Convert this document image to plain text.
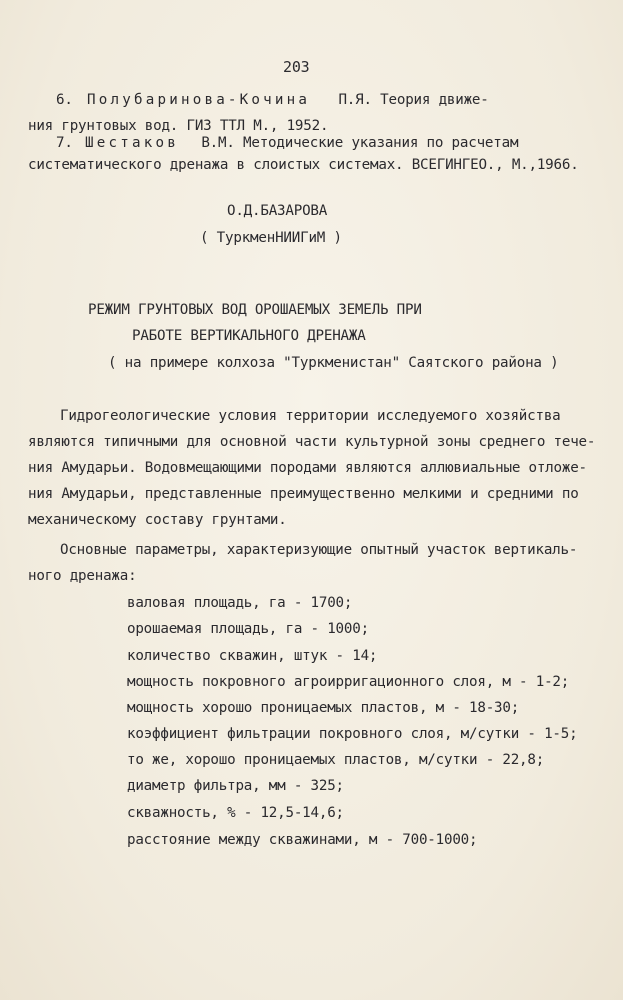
203
6. Полубаринова-Кочина П.Я. Теория движе-
ния грунтовых вод. ГИЗ ТТЛ М., 1952.
7. Шестаков В.М. Методические указания по расчетам
систематического дренажа в слоистых системах. ВСЕГИНГЕО., М.,1966.
О.Д.БАЗАРОВА
( ТуркменНИИГиМ )
РЕЖИМ ГРУНТОВЫХ ВОД ОРОШАЕМЫХ ЗЕМЕЛЬ ПРИ
РАБОТЕ ВЕРТИКАЛЬНОГО ДРЕНАЖА
( на примере колхоза "Туркменистан" Саятского района )
Гидрогеологические условия территории исследуемого хозяйства
являются типичными для основной части культурной зоны среднего тече-
ния Амударьи. Водовмещающими породами являются аллювиальные отложе-
ния Амударьи, представленные преимущественно мелкими и средними по
механическому составу грунтами.
Основные параметры, характеризующие опытный участок вертикаль-
ного дренажа:
валовая площадь, га - 1700;
орошаемая площадь, га - 1000;
количество скважин, штук - 14;
мощность покровного агроирригационного слоя, м - 1-2;
мощность хорошо проницаемых пластов, м - 18-30;
коэффициент фильтрации покровного слоя, м/сутки - 1-5;
то же, хорошо проницаемых пластов, м/сутки - 22,8;
диаметр фильтра, мм - 325;
скважность, % - 12,5-14,6;
расстояние между скважинами, м - 700-1000;
